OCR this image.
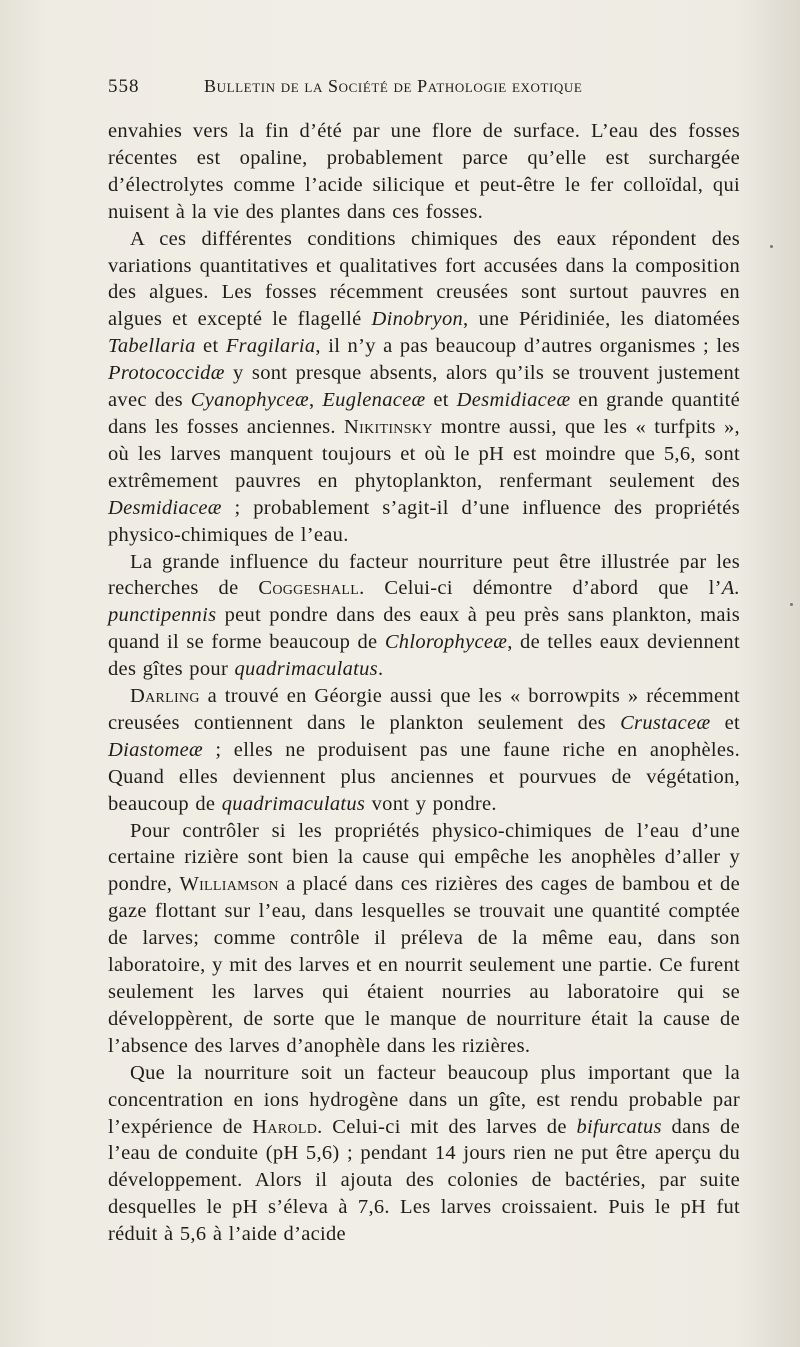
558	Bulletin de la Société de Pathologie exotique

envahies vers la fin d’été par une flore de surface. L’eau des fosses récentes est opaline, probablement parce qu’elle est surchargée d’électrolytes comme l’acide silicique et peut-être le fer colloïdal, qui nuisent à la vie des plantes dans ces fosses.

A ces différentes conditions chimiques des eaux répondent des variations quantitatives et qualitatives fort accusées dans la composition des algues. Les fosses récemment creusées sont surtout pauvres en algues et excepté le flagellé Dinobryon, une Péridiniée, les diatomées Tabellaria et Fragilaria, il n’y a pas beaucoup d’autres organismes ; les Protococcidæ y sont presque absents, alors qu’ils se trouvent justement avec des Cyanophyceæ, Euglenaceæ et Desmidiaceæ en grande quantité dans les fosses anciennes. Nikitinsky montre aussi, que les « turfpits », où les larves manquent toujours et où le pH est moindre que 5,6, sont extrêmement pauvres en phytoplankton, renfermant seulement des Desmidiaceæ ; probablement s’agit-il d’une influence des propriétés physico-chimiques de l’eau.

La grande influence du facteur nourriture peut être illustrée par les recherches de Coggeshall. Celui-ci démontre d’abord que l’A. punctipennis peut pondre dans des eaux à peu près sans plankton, mais quand il se forme beaucoup de Chlorophyceæ, de telles eaux deviennent des gîtes pour quadrimaculatus.

Darling a trouvé en Géorgie aussi que les « borrowpits » récemment creusées contiennent dans le plankton seulement des Crustaceæ et Diastomeæ ; elles ne produisent pas une faune riche en anophèles. Quand elles deviennent plus anciennes et pourvues de végétation, beaucoup de quadrimaculatus vont y pondre.

Pour contrôler si les propriétés physico-chimiques de l’eau d’une certaine rizière sont bien la cause qui empêche les anophèles d’aller y pondre, Williamson a placé dans ces rizières des cages de bambou et de gaze flottant sur l’eau, dans lesquelles se trouvait une quantité comptée de larves; comme contrôle il préleva de la même eau, dans son laboratoire, y mit des larves et en nourrit seulement une partie. Ce furent seulement les larves qui étaient nourries au laboratoire qui se développèrent, de sorte que le manque de nourriture était la cause de l’absence des larves d’anophèle dans les rizières.

Que la nourriture soit un facteur beaucoup plus important que la concentration en ions hydrogène dans un gîte, est rendu probable par l’expérience de Harold. Celui-ci mit des larves de bifurcatus dans de l’eau de conduite (pH 5,6) ; pendant 14 jours rien ne put être aperçu du développement. Alors il ajouta des colonies de bactéries, par suite desquelles le pH s’éleva à 7,6. Les larves croissaient. Puis le pH fut réduit à 5,6 à l’aide d’acide
